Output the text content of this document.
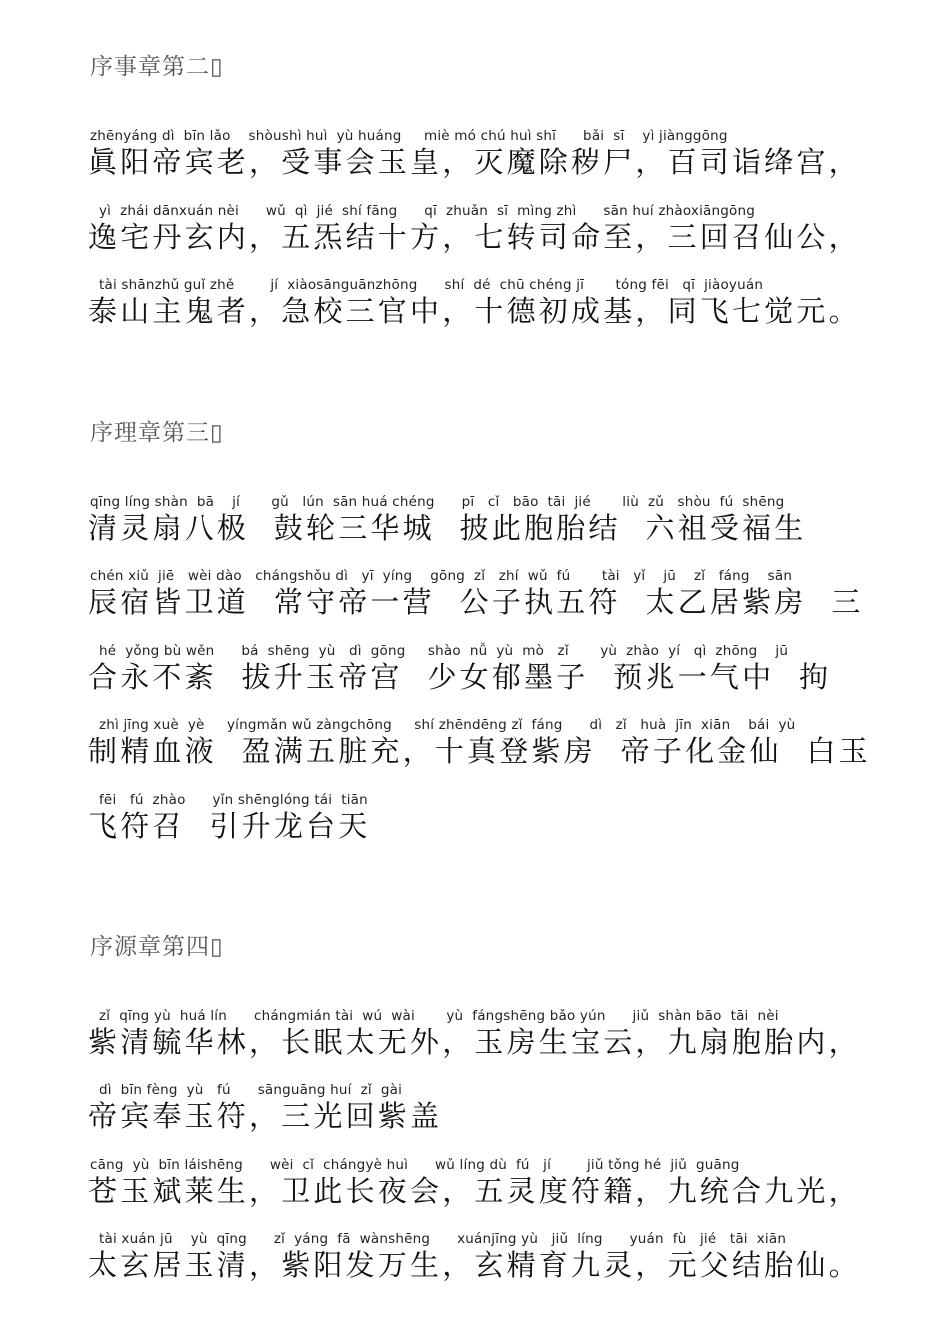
序事章第二▯
zhēnyáng dì  bīn lǎo    shòushì huì  yù huáng     miè mó chú huì shī      bǎi  sī    yì jiànggōng
眞阳帝宾老，受事会玉皇，灭魔除秽尸，百司诣绛宫，
yì  zhái dānxuán nèi      wǔ  qì  jié  shí fāng      qī  zhuǎn  sī  mìng zhì      sān huí zhàoxiāngōng
逸宅丹玄内，五炁结十方，七转司命至，三回召仙公，
tài shānzhǔ guǐ zhě        jí  xiàosānguānzhōng      shí  dé  chū chéng jī       tóng fēi   qī  jiàoyuán
泰山主鬼者，急校三官中，十德初成基，同飞七觉元。
序理章第三▯
qīng líng shàn  bā    jí       gǔ   lún  sān huá chéng      pī   cǐ   bāo  tāi  jié       liù  zǔ   shòu  fú  shēng
清灵扇八极  鼓轮三华城  披此胞胎结  六祖受福生
chén xiǔ  jiē   wèi dào   chángshǒu dì   yī  yíng    gōng  zǐ   zhí  wǔ  fú       tài   yǐ    jū    zǐ   fáng    sān
辰宿皆卫道  常守帝一营  公子执五符  太乙居紫房  三
hé  yǒng bù wěn      bá  shēng  yù   dì  gōng     shào  nǚ  yù  mò   zǐ       yù  zhào  yí   qì  zhōng    jū
合永不紊  拔升玉帝宫  少女郁墨子  预兆一气中  拘
zhì jīng xuè  yè     yíngmǎn wǔ zàngchōng     shí zhēndēng zǐ  fáng      dì   zǐ   huà  jīn  xiān    bái  yù
制精血液  盈满五脏充，十真登紫房  帝子化金仙  白玉
fēi   fú  zhào      yǐn shēnglóng tái  tiān
飞符召  引升龙台天
序源章第四▯
zǐ  qīng yù  huá lín      chángmián tài  wú  wài       yù  fángshēng bǎo yún      jiǔ  shàn bāo  tāi  nèi
紫清毓华林，长眠太无外，玉房生宝云，九扇胞胎内，
dì  bīn fèng  yù   fú      sānguāng huí  zǐ  gài
帝宾奉玉符，三光回紫盖
cāng  yù  bīn láishēng      wèi  cǐ  chángyè huì      wǔ líng dù  fú   jí        jiǔ tǒng hé  jiǔ  guāng
苍玉斌莱生，卫此长夜会，五灵度符籍，九统合九光，
tài xuán jū    yù  qīng      zǐ  yáng  fā  wànshēng      xuánjīng yù   jiǔ  líng      yuán  fù   jié   tāi  xiān
太玄居玉清，紫阳发万生，玄精育九灵，元父结胎仙。
